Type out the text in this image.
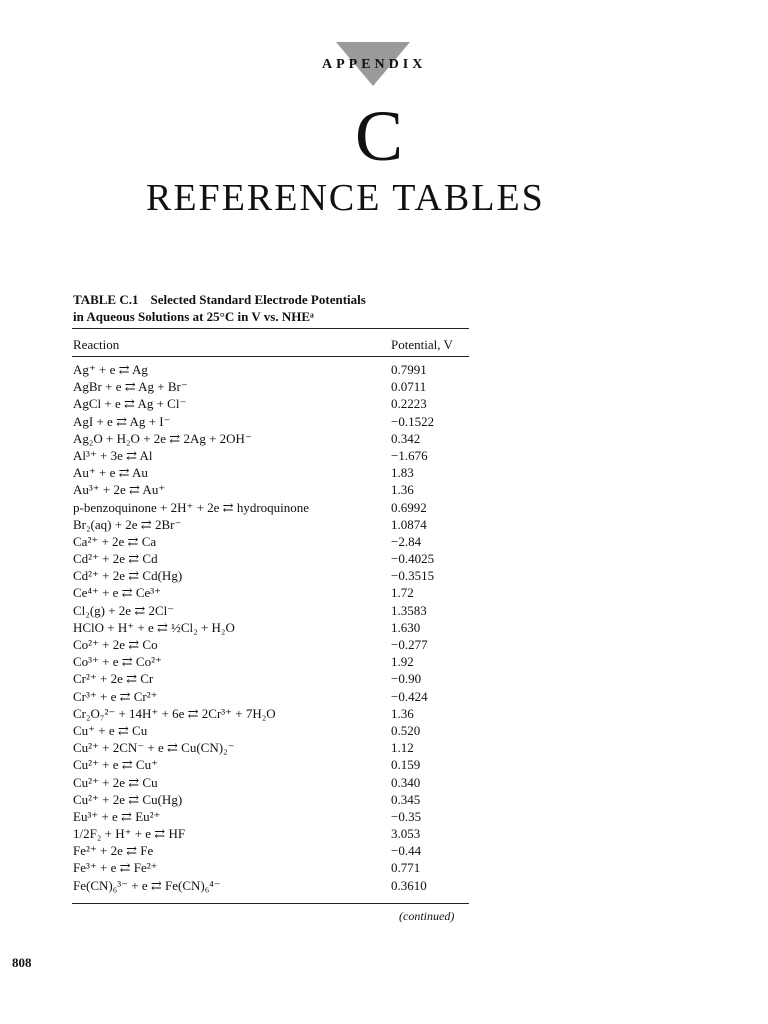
APPENDIX
C
REFERENCE TABLES
TABLE C.1 Selected Standard Electrode Potentials
in Aqueous Solutions at 25°C in V vs. NHEᵃ
Reaction	Potential, V
Ag⁺ + e ⇄ Ag	0.7991
AgBr + e ⇄ Ag + Br⁻	0.0711
AgCl + e ⇄ Ag + Cl⁻	0.2223
AgI + e ⇄ Ag + I⁻	−0.1522
Ag₂O + H₂O + 2e ⇄ 2Ag + 2OH⁻	0.342
Al³⁺ + 3e ⇄ Al	−1.676
Au⁺ + e ⇄ Au	1.83
Au³⁺ + 2e ⇄ Au⁺	1.36
p-benzoquinone + 2H⁺ + 2e ⇄ hydroquinone	0.6992
Br₂(aq) + 2e ⇄ 2Br⁻	1.0874
Ca²⁺ + 2e ⇄ Ca	−2.84
Cd²⁺ + 2e ⇄ Cd	−0.4025
Cd²⁺ + 2e ⇄ Cd(Hg)	−0.3515
Ce⁴⁺ + e ⇄ Ce³⁺	1.72
Cl₂(g) + 2e ⇄ 2Cl⁻	1.3583
HClO + H⁺ + e ⇄ ½Cl₂ + H₂O	1.630
Co²⁺ + 2e ⇄ Co	−0.277
Co³⁺ + e ⇄ Co²⁺	1.92
Cr²⁺ + 2e ⇄ Cr	−0.90
Cr³⁺ + e ⇄ Cr²⁺	−0.424
Cr₂O₇²⁻ + 14H⁺ + 6e ⇄ 2Cr³⁺ + 7H₂O	1.36
Cu⁺ + e ⇄ Cu	0.520
Cu²⁺ + 2CN⁻ + e ⇄ Cu(CN)₂⁻	1.12
Cu²⁺ + e ⇄ Cu⁺	0.159
Cu²⁺ + 2e ⇄ Cu	0.340
Cu²⁺ + 2e ⇄ Cu(Hg)	0.345
Eu³⁺ + e ⇄ Eu²⁺	−0.35
1/2F₂ + H⁺ + e ⇄ HF	3.053
Fe²⁺ + 2e ⇄ Fe	−0.44
Fe³⁺ + e ⇄ Fe²⁺	0.771
Fe(CN)₆³⁻ + e ⇄ Fe(CN)₆⁴⁻	0.3610
(continued)
808
